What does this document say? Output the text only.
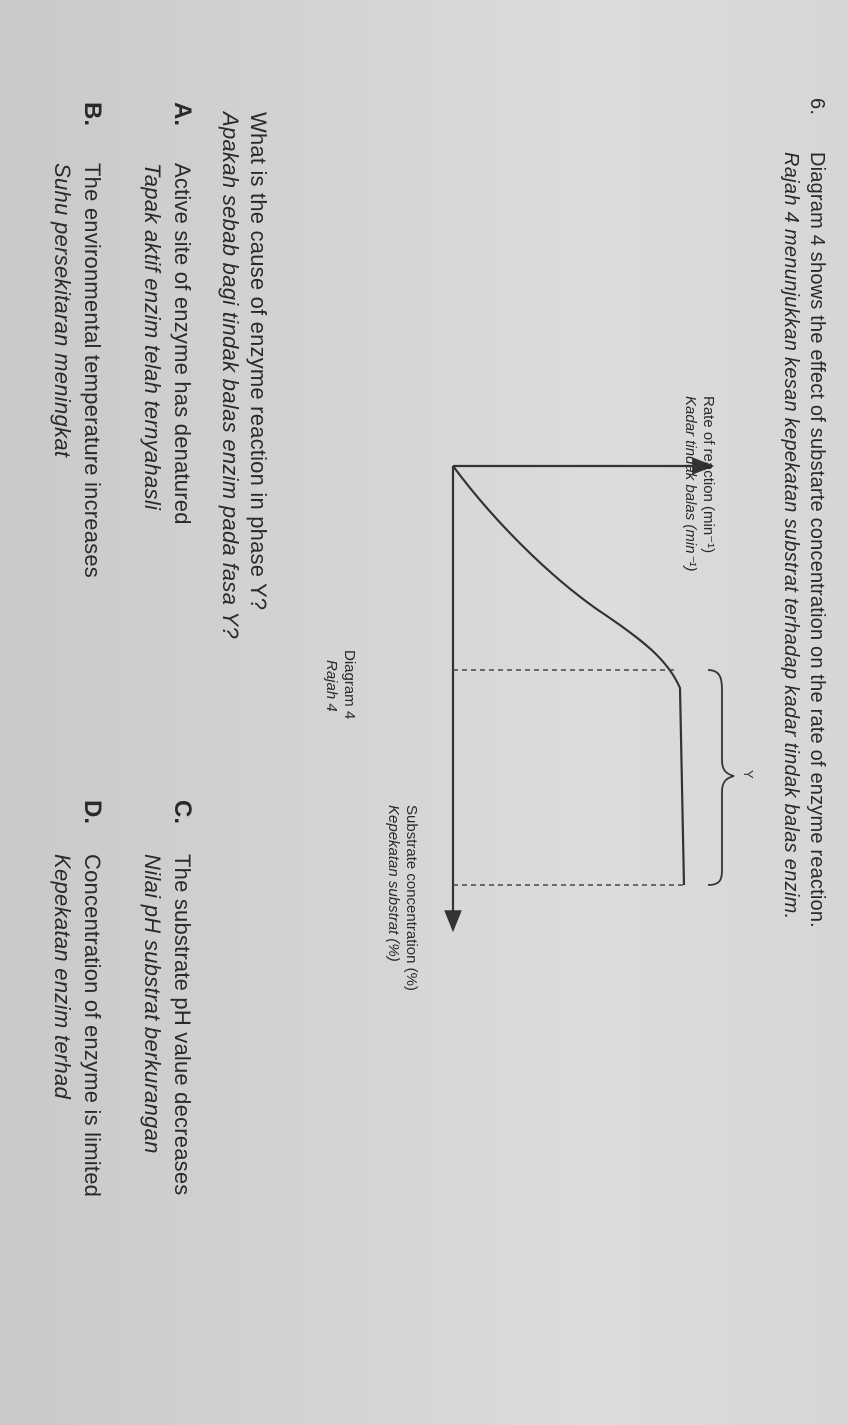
6.

Diagram 4 shows the effect of substarte concentration on the rate of enzyme reaction.

Rajah 4 menunjukkan kesan kepekatan substrat terhadap kadar tindak balas enzim.

Y

Rate of reaction (min⁻¹)

Kadar tindak balas (min⁻¹)

Substrate concentration (%)

Kepekatan substrat (%)

Diagram 4

Rajah 4

What is the cause of enzyme reaction in phase Y?

Apakah sebab bagi tindak balas enzim pada fasa Y?

A.

Active site of enzyme has denatured

Tapak aktif enzim telah ternyahasli

C.

The substrate pH value decreases

Nilai pH substrat berkurangan

B.

The environmental temperature increases

Suhu persekitaran meningkat

D.

Concentration of enzyme is limited

Kepekatan enzim terhad
